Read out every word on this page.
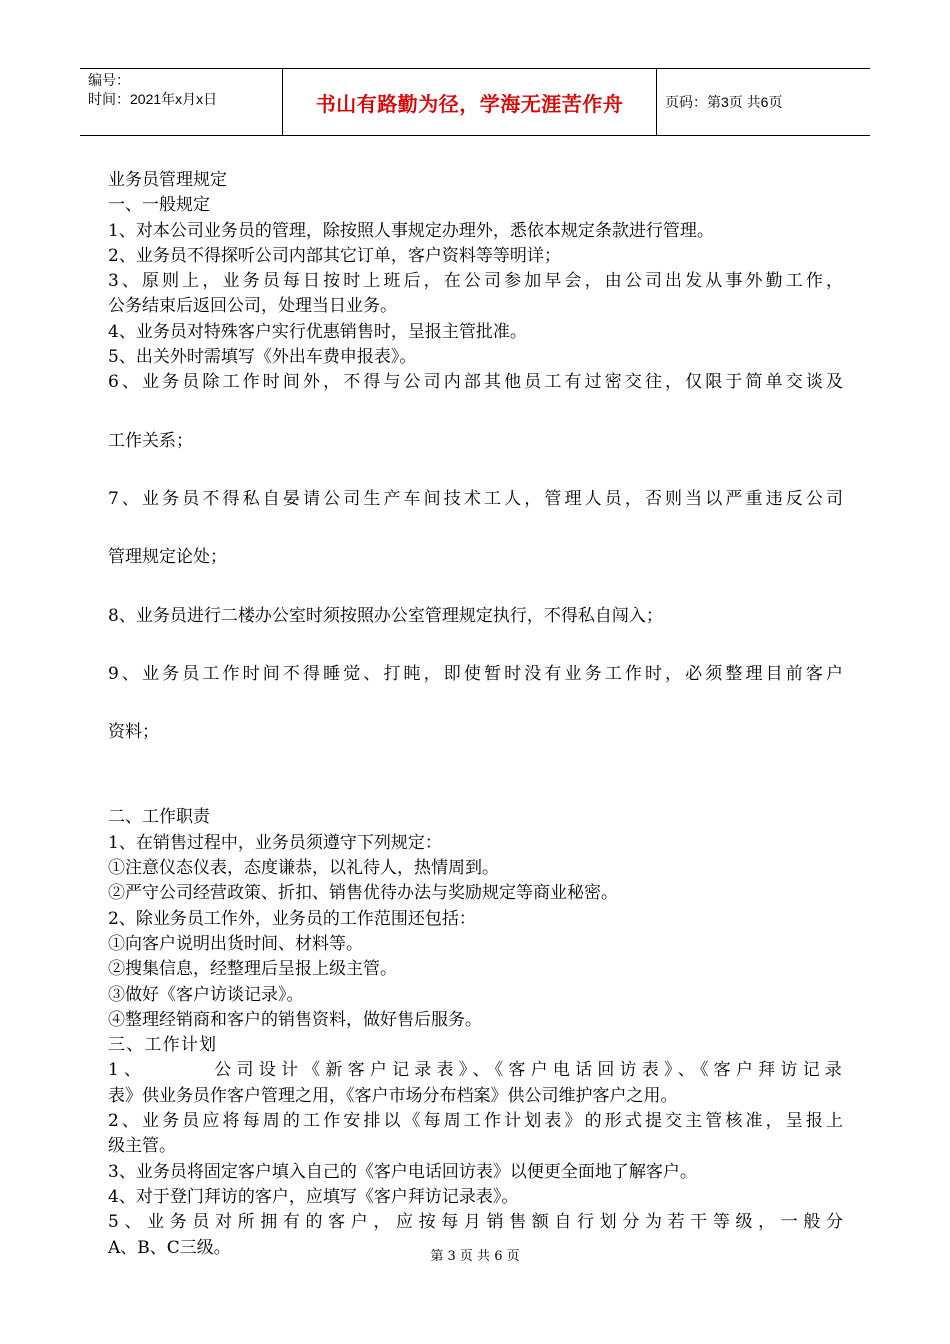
编号：
时间：2021年x月x日	书山有路勤为径，学海无涯苦作舟	页码：第3页 共6页

业务员管理规定

一、一般规定

1、对本公司业务员的管理，除按照人事规定办理外，悉依本规定条款进行管理。

2、业务员不得探听公司内部其它订单，客户资料等等明详；

3、原则上，业务员每日按时上班后，在公司参加早会，由公司出发从事外勤工作，

公务结束后返回公司，处理当日业务。

4、业务员对特殊客户实行优惠销售时，呈报主管批准。

5、出关外时需填写《外出车费申报表》。

6、业务员除工作时间外，不得与公司内部其他员工有过密交往，仅限于简单交谈及

工作关系；

7、业务员不得私自晏请公司生产车间技术工人，管理人员，否则当以严重违反公司

管理规定论处；

8、业务员进行二楼办公室时须按照办公室管理规定执行，不得私自闯入；

9、业务员工作时间不得睡觉、打盹，即使暂时没有业务工作时，必须整理目前客户

资料；

二、工作职责

1、在销售过程中，业务员须遵守下列规定：

①注意仪态仪表，态度谦恭，以礼待人，热情周到。

②严守公司经营政策、折扣、销售优待办法与奖励规定等商业秘密。

2、除业务员工作外，业务员的工作范围还包括：

①向客户说明出货时间、材料等。

②搜集信息，经整理后呈报上级主管。

③做好《客户访谈记录》。

④整理经销商和客户的销售资料，做好售后服务。

三、工作计划

1、	公司设计《新客户记录表》、《客户电话回访表》、《客户拜访记录

表》供业务员作客户管理之用，《客户市场分布档案》供公司维护客户之用。

2、业务员应将每周的工作安排以《每周工作计划表》的形式提交主管核准，呈报上

级主管。

3、业务员将固定客户填入自己的《客户电话回访表》以便更全面地了解客户。

4、对于登门拜访的客户，应填写《客户拜访记录表》。

5、业务员对所拥有的客户，应按每月销售额自行划分为若干等级，一般分

A、B、C三级。	第 3 页 共 6 页
